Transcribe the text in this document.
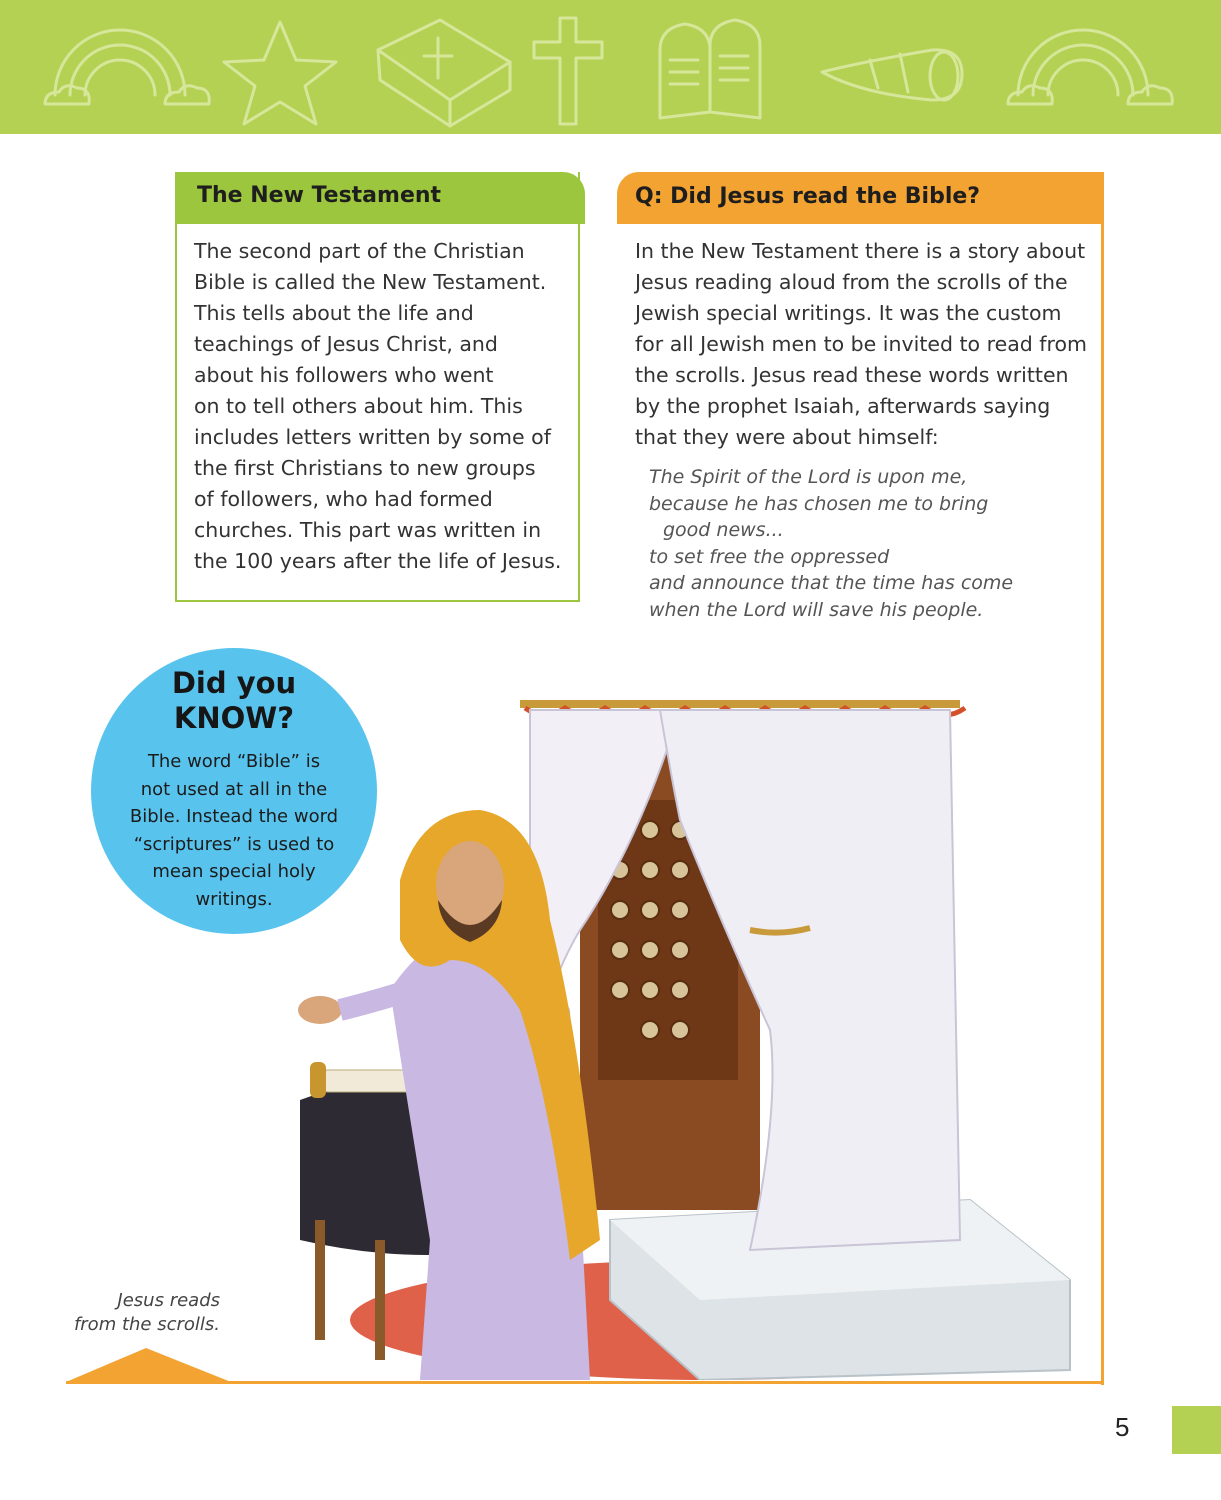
The New Testament
The second part of the Christian
Bible is called the New Testament.
This tells about the life and
teachings of Jesus Christ, and
about his followers who went
on to tell others about him. This
includes letters written by some of
the first Christians to new groups
of followers, who had formed
churches. This part was written in
the 100 years after the life of Jesus.
Q: Did Jesus read the Bible?
In the New Testament there is a story about
Jesus reading aloud from the scrolls of the
Jewish special writings. It was the custom
for all Jewish men to be invited to read from
the scrolls. Jesus read these words written
by the prophet Isaiah, afterwards saying
that they were about himself:
The Spirit of the Lord is upon me,
because he has chosen me to bring
good news...
to set free the oppressed
and announce that the time has come
when the Lord will save his people.
Did you
KNOW?
The word “Bible” is
not used at all in the
Bible. Instead the word
“scriptures” is used to
mean special holy
writings.
Jesus reads
from the scrolls.
5
